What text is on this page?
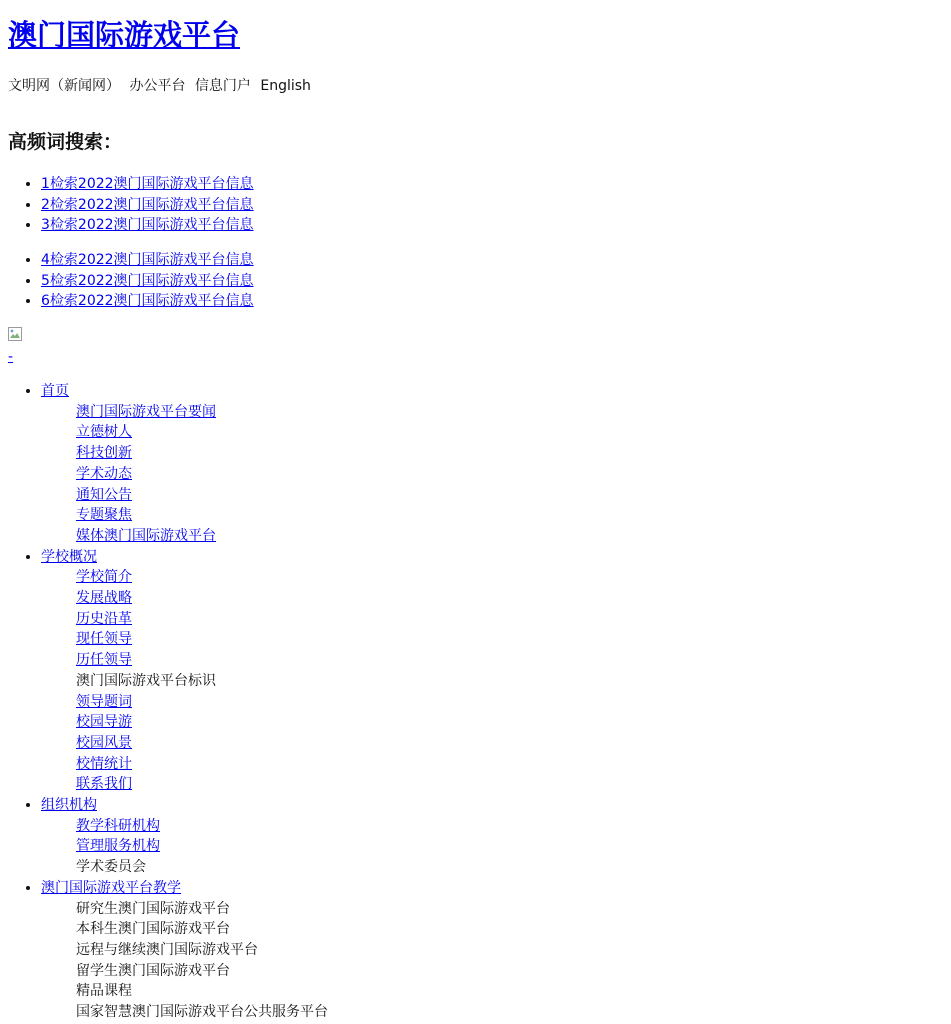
澳门国际游戏平台
文明网（新闻网） 办公平台 信息门户 English
高频词搜索：
• 1检索2022澳门国际游戏平台信息
• 2检索2022澳门国际游戏平台信息
• 3检索2022澳门国际游戏平台信息
• 4检索2022澳门国际游戏平台信息
• 5检索2022澳门国际游戏平台信息
• 6检索2022澳门国际游戏平台信息
-
• 首页
澳门国际游戏平台要闻
立德树人
科技创新
学术动态
通知公告
专题聚焦
媒体澳门国际游戏平台
• 学校概况
学校简介
发展战略
历史沿革
现任领导
历任领导
澳门国际游戏平台标识
领导题词
校园导游
校园风景
校情统计
联系我们
• 组织机构
教学科研机构
管理服务机构
学术委员会
• 澳门国际游戏平台教学
研究生澳门国际游戏平台
本科生澳门国际游戏平台
远程与继续澳门国际游戏平台
留学生澳门国际游戏平台
精品课程
国家智慧澳门国际游戏平台公共服务平台
